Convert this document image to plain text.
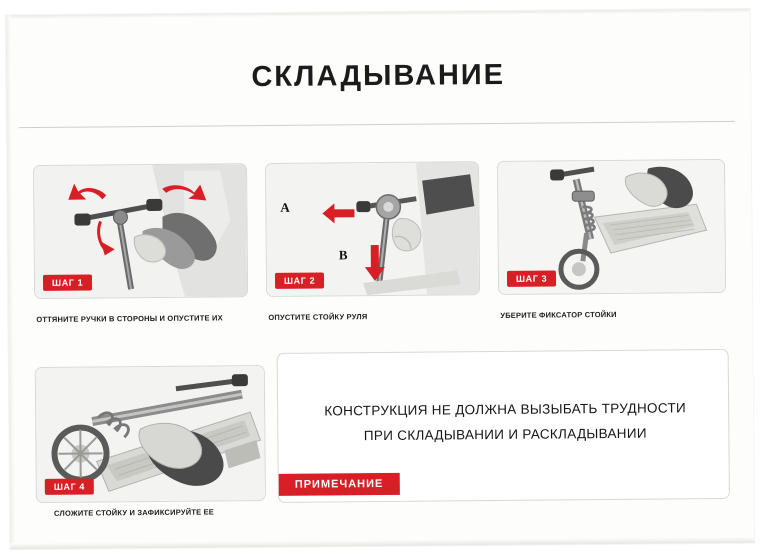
СКЛАДЫВАНИЕ
ШАГ 1
A
B
ШАГ 2	ШАГ 3
ОТТЯНИТЕ РУЧКИ В СТОРОНЫ И ОПУСТИТЕ ИХ	ОПУСТИТЕ СТОЙКУ РУЛЯ	УБЕРИТЕ ФИКСАТОР СТОЙКИ
ШАГ 4
СЛОЖИТЕ СТОЙКУ И ЗАФИКСИРУЙТЕ ЕЕ
КОНСТРУКЦИЯ НЕ ДОЛЖНА ВЫЗЫБАТЬ ТРУДНОСТИ
ПРИ СКЛАДЫВАНИИ И РАСКЛАДЫВАНИИ
ПРИМЕЧАНИЕ
